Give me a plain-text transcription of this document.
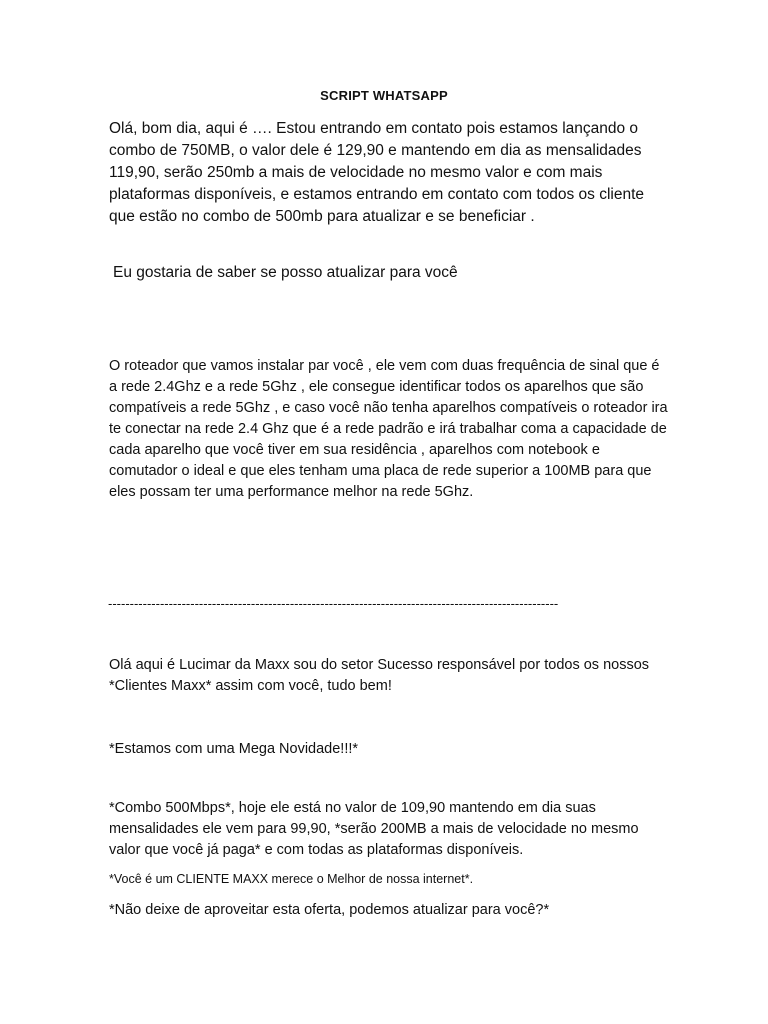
SCRIPT WHATSAPP

Olá, bom dia, aqui é …. Estou entrando em contato pois estamos lançando o combo de 750MB, o valor dele é 129,90 e mantendo em dia as mensalidades 119,90, serão 250mb a mais de velocidade no mesmo valor e com mais plataformas disponíveis, e estamos entrando em contato com todos os cliente que estão no combo de 500mb para atualizar e se beneficiar .

Eu gostaria de saber se posso atualizar para você

O roteador que vamos instalar par você , ele vem com duas frequência de sinal que é a rede 2.4Ghz e a rede 5Ghz , ele consegue identificar todos os aparelhos que são compatíveis a rede 5Ghz , e caso você não tenha aparelhos compatíveis o roteador ira te conectar na rede 2.4 Ghz que é a rede padrão e irá trabalhar coma a capacidade de cada aparelho que você tiver em sua residência , aparelhos com notebook e comutador o ideal e que eles tenham uma placa de rede superior a 100MB para que eles possam ter uma performance melhor na rede 5Ghz.

--------------------------------------------------------------------------------------------------------

Olá aqui é Lucimar da Maxx sou do setor Sucesso responsável por todos os nossos *Clientes Maxx* assim com você, tudo bem!

*Estamos com uma Mega Novidade!!!*

*Combo 500Mbps*, hoje ele está no valor de 109,90 mantendo em dia suas mensalidades ele vem para 99,90, *serão 200MB a mais de velocidade no mesmo valor que você já paga* e com todas as plataformas disponíveis.

*Você é um CLIENTE MAXX merece o Melhor de nossa internet*.

*Não deixe de aproveitar esta oferta, podemos atualizar para você?*
